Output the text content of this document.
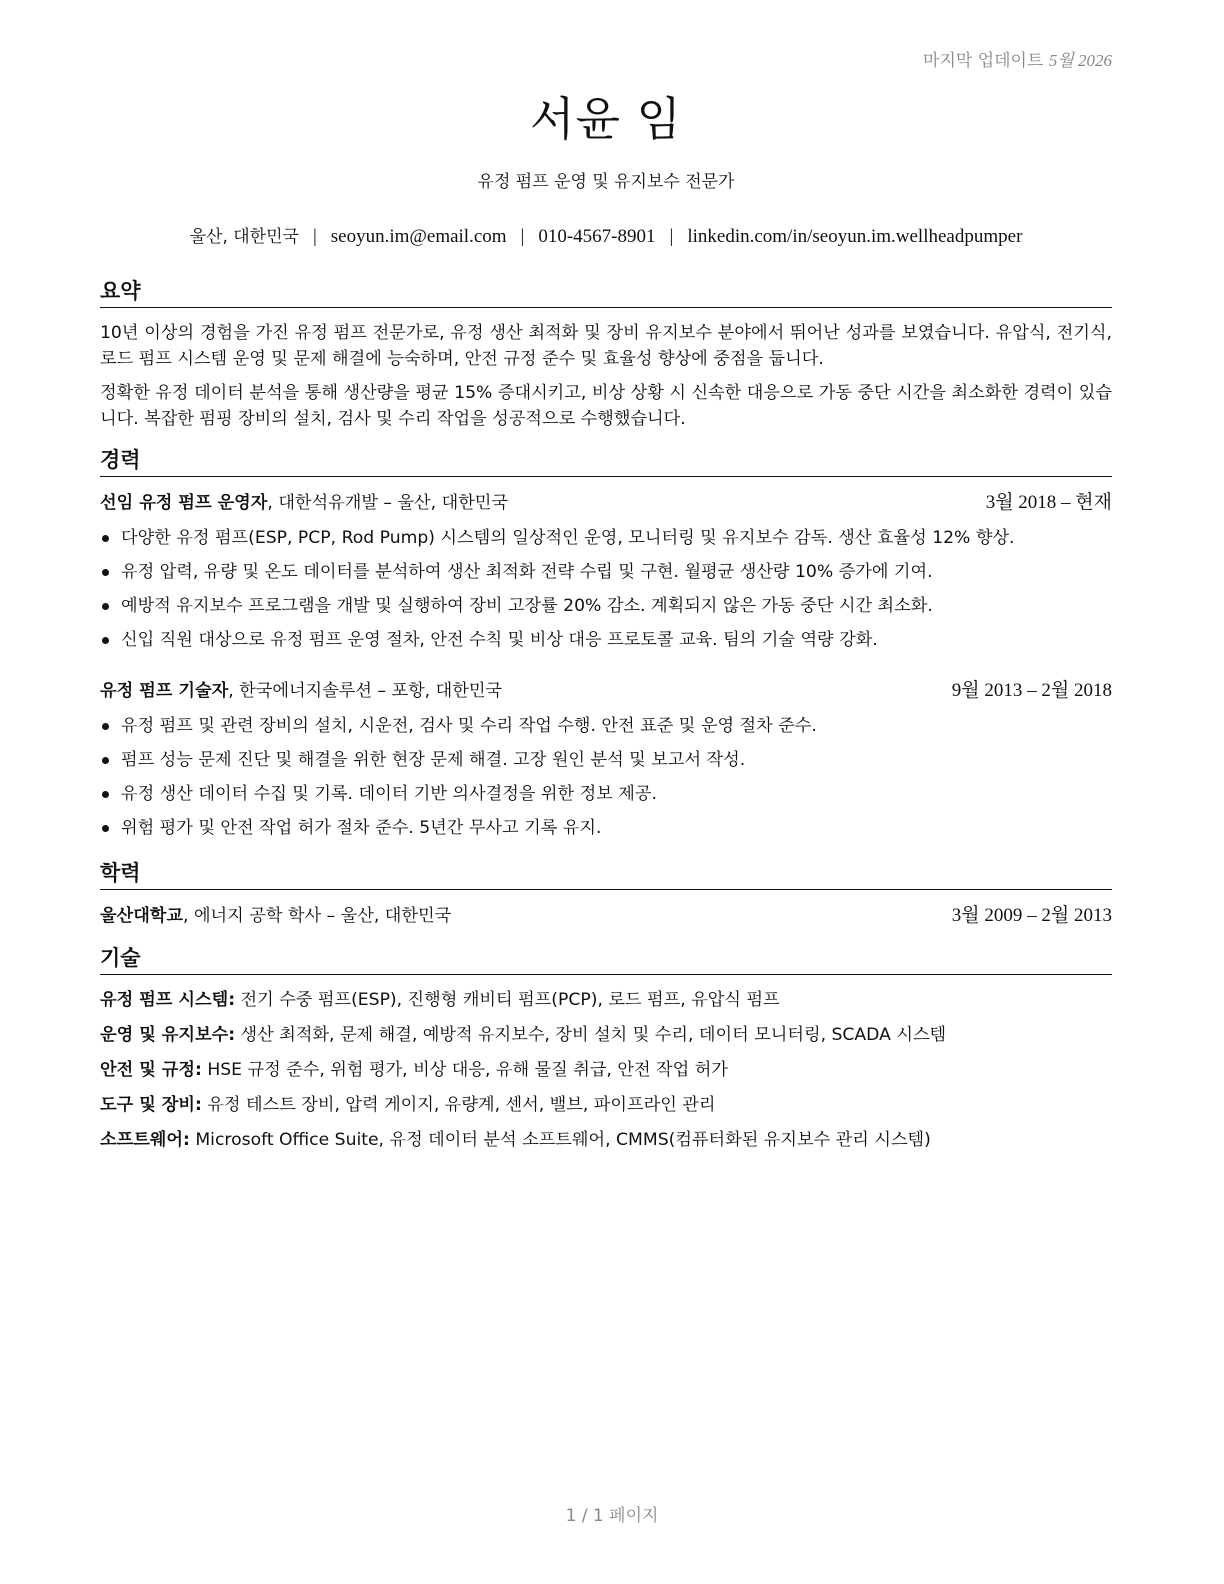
마지막 업데이트 5월 2026
서윤 임
유정 펌프 운영 및 유지보수 전문가
울산, 대한민국 | seoyun.im@email.com | 010-4567-8901 | linkedin.com/in/seoyun.im.wellheadpumper
요약
10년 이상의 경험을 가진 유정 펌프 전문가로, 유정 생산 최적화 및 장비 유지보수 분야에서 뛰어난 성과를 보였습니다. 유압식, 전기식, 로드 펌프 시스템 운영 및 문제 해결에 능숙하며, 안전 규정 준수 및 효율성 향상에 중점을 둡니다.
정확한 유정 데이터 분석을 통해 생산량을 평균 15% 증대시키고, 비상 상황 시 신속한 대응으로 가동 중단 시간을 최소화한 경력이 있습니다. 복잡한 펌핑 장비의 설치, 검사 및 수리 작업을 성공적으로 수행했습니다.
경력
선임 유정 펌프 운영자, 대한석유개발 – 울산, 대한민국	3월 2018 – 현재
다양한 유정 펌프(ESP, PCP, Rod Pump) 시스템의 일상적인 운영, 모니터링 및 유지보수 감독. 생산 효율성 12% 향상.
유정 압력, 유량 및 온도 데이터를 분석하여 생산 최적화 전략 수립 및 구현. 월평균 생산량 10% 증가에 기여.
예방적 유지보수 프로그램을 개발 및 실행하여 장비 고장률 20% 감소. 계획되지 않은 가동 중단 시간 최소화.
신입 직원 대상으로 유정 펌프 운영 절차, 안전 수칙 및 비상 대응 프로토콜 교육. 팀의 기술 역량 강화.
유정 펌프 기술자, 한국에너지솔루션 – 포항, 대한민국	9월 2013 – 2월 2018
유정 펌프 및 관련 장비의 설치, 시운전, 검사 및 수리 작업 수행. 안전 표준 및 운영 절차 준수.
펌프 성능 문제 진단 및 해결을 위한 현장 문제 해결. 고장 원인 분석 및 보고서 작성.
유정 생산 데이터 수집 및 기록. 데이터 기반 의사결정을 위한 정보 제공.
위험 평가 및 안전 작업 허가 절차 준수. 5년간 무사고 기록 유지.
학력
울산대학교, 에너지 공학 학사 – 울산, 대한민국	3월 2009 – 2월 2013
기술
유정 펌프 시스템: 전기 수중 펌프(ESP), 진행형 캐비티 펌프(PCP), 로드 펌프, 유압식 펌프
운영 및 유지보수: 생산 최적화, 문제 해결, 예방적 유지보수, 장비 설치 및 수리, 데이터 모니터링, SCADA 시스템
안전 및 규정: HSE 규정 준수, 위험 평가, 비상 대응, 유해 물질 취급, 안전 작업 허가
도구 및 장비: 유정 테스트 장비, 압력 게이지, 유량계, 센서, 밸브, 파이프라인 관리
소프트웨어: Microsoft Office Suite, 유정 데이터 분석 소프트웨어, CMMS(컴퓨터화된 유지보수 관리 시스템)
1 / 1 페이지
